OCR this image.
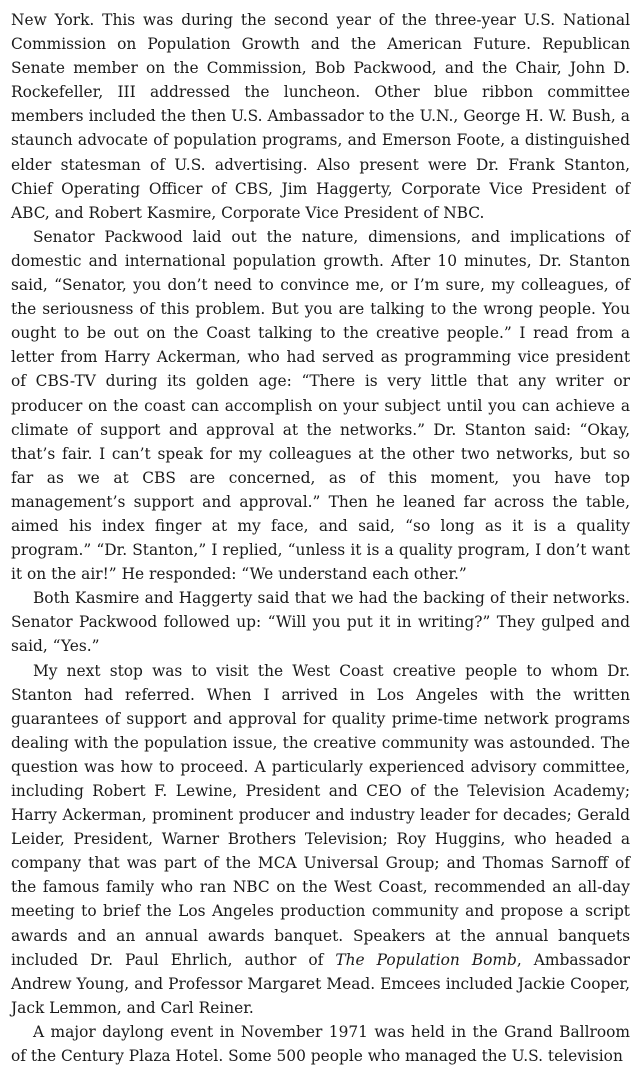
New York. This was during the second year of the three-year U.S. National Commission on Population Growth and the American Future. Republican Senate member on the Commission, Bob Packwood, and the Chair, John D. Rockefeller, III addressed the luncheon. Other blue ribbon committee members included the then U.S. Ambassador to the U.N., George H. W. Bush, a staunch advocate of population programs, and Emerson Foote, a distinguished elder statesman of U.S. advertising. Also present were Dr. Frank Stanton, Chief Operating Officer of CBS, Jim Haggerty, Corporate Vice President of ABC, and Robert Kasmire, Corporate Vice President of NBC.

Senator Packwood laid out the nature, dimensions, and implications of domestic and international population growth. After 10 minutes, Dr. Stanton said, “Senator, you don’t need to convince me, or I’m sure, my colleagues, of the seriousness of this problem. But you are talking to the wrong people. You ought to be out on the Coast talking to the creative people.” I read from a letter from Harry Ackerman, who had served as programming vice president of CBS-TV during its golden age: “There is very little that any writer or producer on the coast can accomplish on your subject until you can achieve a climate of support and approval at the networks.” Dr. Stanton said: “Okay, that’s fair. I can’t speak for my colleagues at the other two networks, but so far as we at CBS are concerned, as of this moment, you have top management’s support and approval.” Then he leaned far across the table, aimed his index finger at my face, and said, “so long as it is a quality program.” “Dr. Stanton,” I replied, “unless it is a quality program, I don’t want it on the air!” He responded: “We understand each other.”

Both Kasmire and Haggerty said that we had the backing of their networks. Senator Packwood followed up: “Will you put it in writing?” They gulped and said, “Yes.”

My next stop was to visit the West Coast creative people to whom Dr. Stanton had referred. When I arrived in Los Angeles with the written guarantees of support and approval for quality prime-time network programs dealing with the population issue, the creative community was astounded. The question was how to proceed. A particularly experienced advisory committee, including Robert F. Lewine, President and CEO of the Television Academy; Harry Ackerman, prominent producer and industry leader for decades; Gerald Leider, President, Warner Brothers Television; Roy Huggins, who headed a company that was part of the MCA Universal Group; and Thomas Sarnoff of the famous family who ran NBC on the West Coast, recommended an all-day meeting to brief the Los Angeles production community and propose a script awards and an annual awards banquet. Speakers at the annual banquets included Dr. Paul Ehrlich, author of The Population Bomb, Ambassador Andrew Young, and Professor Margaret Mead. Emcees included Jackie Cooper, Jack Lemmon, and Carl Reiner.

A major daylong event in November 1971 was held in the Grand Ballroom of the Century Plaza Hotel. Some 500 people who managed the U.S. television
